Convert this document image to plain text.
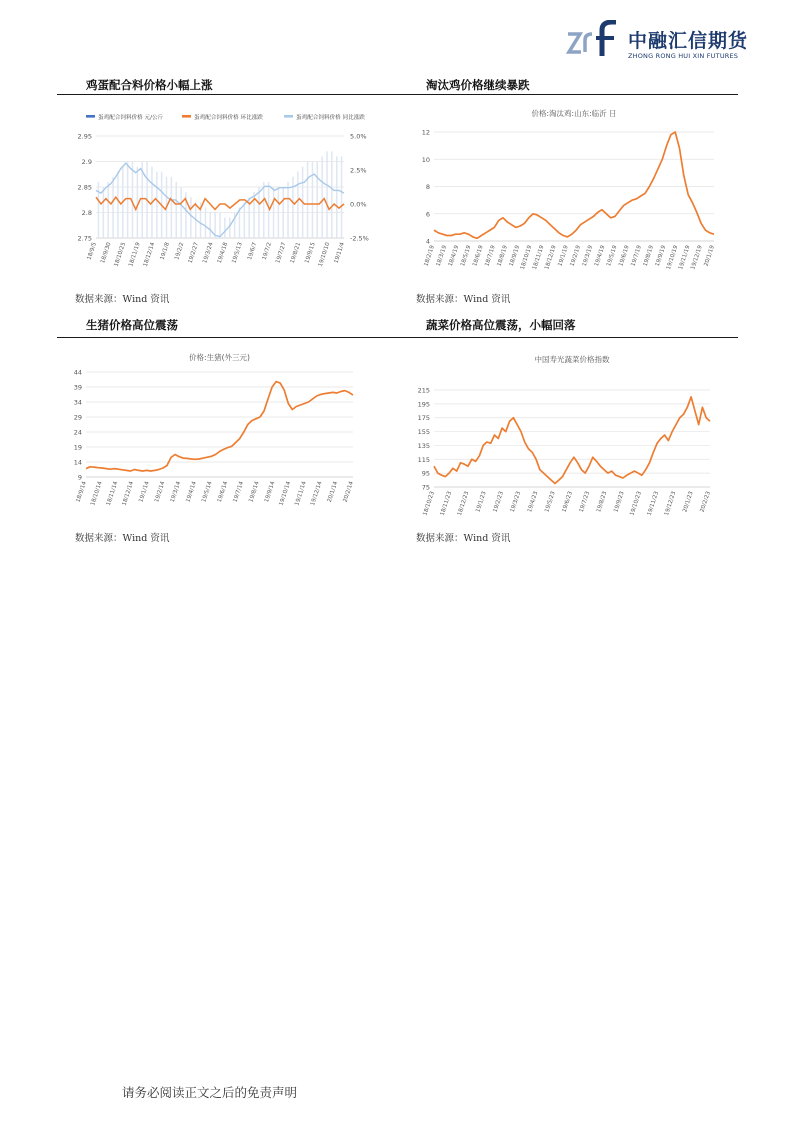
中融汇信期货
ZHONG RONG HUI XIN FUTURES
鸡蛋配合料价格小幅上涨
蛋鸡配合饲料价格 元/公斤	蛋鸡配合饲料价格 环比涨跌	蛋鸡配合饲料价格 同比涨跌
2.95
2.9
2.85
2.8
2.75
5.0%
2.5%
0.0%
-2.5%
18/9/5 18/9/30 18/10/25 18/11/19 18/12/14 19/1/8 19/2/2 19/2/27 19/3/24 19/4/18 19/5/13 19/6/7 19/7/2 19/7/27 19/8/21 19/9/15 19/10/10 19/11/4
数据来源：Wind 资讯
淘汰鸡价格继续暴跌
价格:淘汰鸡:山东:临沂 日
12
10
8
6
4
18/2/19 18/3/19 18/4/19 18/5/19 18/6/19 18/7/19 18/8/19 18/9/19
18/10/19
18/11/19
18/12/19 19/1/19 19/2/19 19/3/19 19/4/19 19/5/19 19/6/19 19/7/19 19/8/19 19/9/19
19/10/19
19/11/19
19/12/19 20/1/19
数据来源：Wind 资讯
生猪价格高位震荡
价格:生猪(外三元)
44
39
34
29
24
19
14
9
18/9/14 18/10/14 18/11/14 18/12/14 19/1/14 19/2/14 19/3/14 19/4/14 19/5/14 19/6/14 19/7/14 19/8/14 19/9/14 19/10/14 19/11/14 19/12/14 20/1/14 20/2/14
数据来源：Wind 资讯
蔬菜价格高位震荡，小幅回落
中国寿光蔬菜价格指数
215
195
175
155
135
115
95
75
18/10/23 18/11/23 18/12/23 19/1/23 19/2/23 19/3/23 19/4/23 19/5/23 19/6/23 19/7/23 19/8/23 19/9/23 19/10/23 19/11/23 19/12/23 20/1/23 20/2/23
数据来源：Wind 资讯
请务必阅读正文之后的免责声明
